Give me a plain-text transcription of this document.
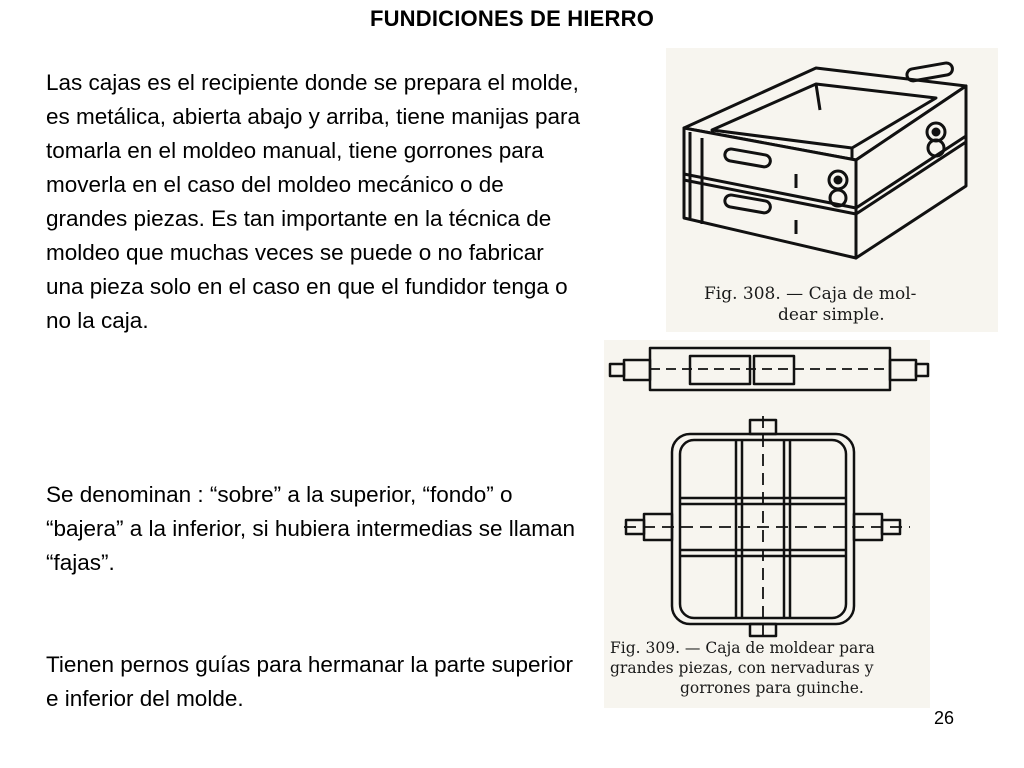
FUNDICIONES DE HIERRO

Las cajas es el recipiente donde se prepara el molde, es metálica, abierta abajo y arriba, tiene manijas para tomarla en el moldeo manual, tiene gorrones para moverla en el caso del moldeo mecánico o de grandes piezas. Es tan importante en la técnica de moldeo que muchas veces se puede o no fabricar una pieza solo en el caso en que el fundidor tenga o no la caja.

Se denominan : “sobre” a la superior, “fondo” o “bajera” a la inferior, si hubiera intermedias se llaman “fajas”.

Tienen pernos guías para hermanar la parte superior e inferior del molde.

Fig. 308. — Caja de mol-
dear simple.
Fig. 309. — Caja de moldear para
grandes piezas, con nervaduras y
gorrones para guinche.
26
